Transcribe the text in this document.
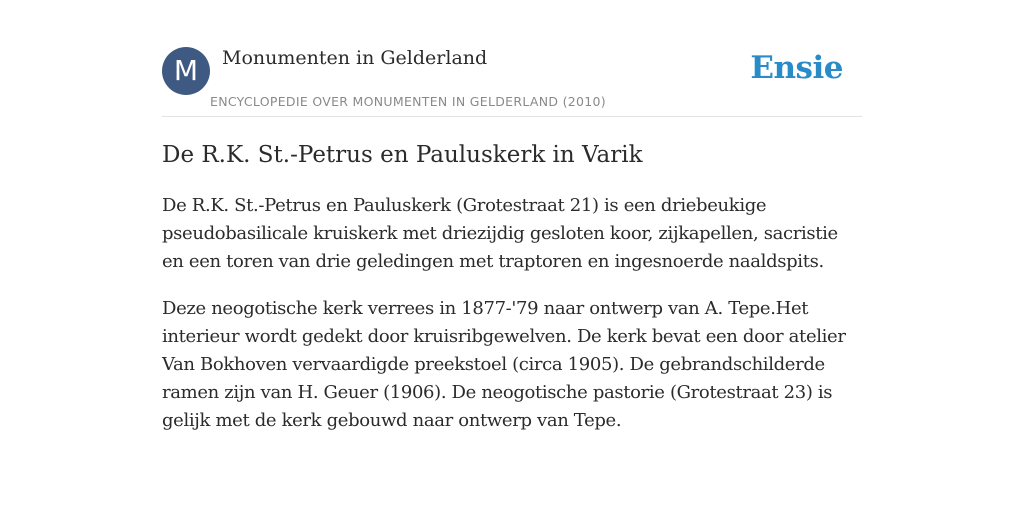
M	Monumenten in Gelderland
ENCYCLOPEDIE OVER MONUMENTEN IN GELDERLAND (2010)
Ensie
De R.K. St.-Petrus en Pauluskerk in Varik

De R.K. St.-Petrus en Pauluskerk (Grotestraat 21) is een driebeukige pseudobasilicale kruiskerk met driezijdig gesloten koor, zijkapellen, sacristie en een toren van drie geledingen met traptoren en ingesnoerde naaldspits.

Deze neogotische kerk verrees in 1877-'79 naar ontwerp van A. Tepe.Het interieur wordt gedekt door kruisribgewelven. De kerk bevat een door atelier Van Bokhoven vervaardigde preekstoel (circa 1905). De gebrandschilderde ramen zijn van H. Geuer (1906). De neogotische pastorie (Grotestraat 23) is gelijk met de kerk gebouwd naar ontwerp van Tepe.
